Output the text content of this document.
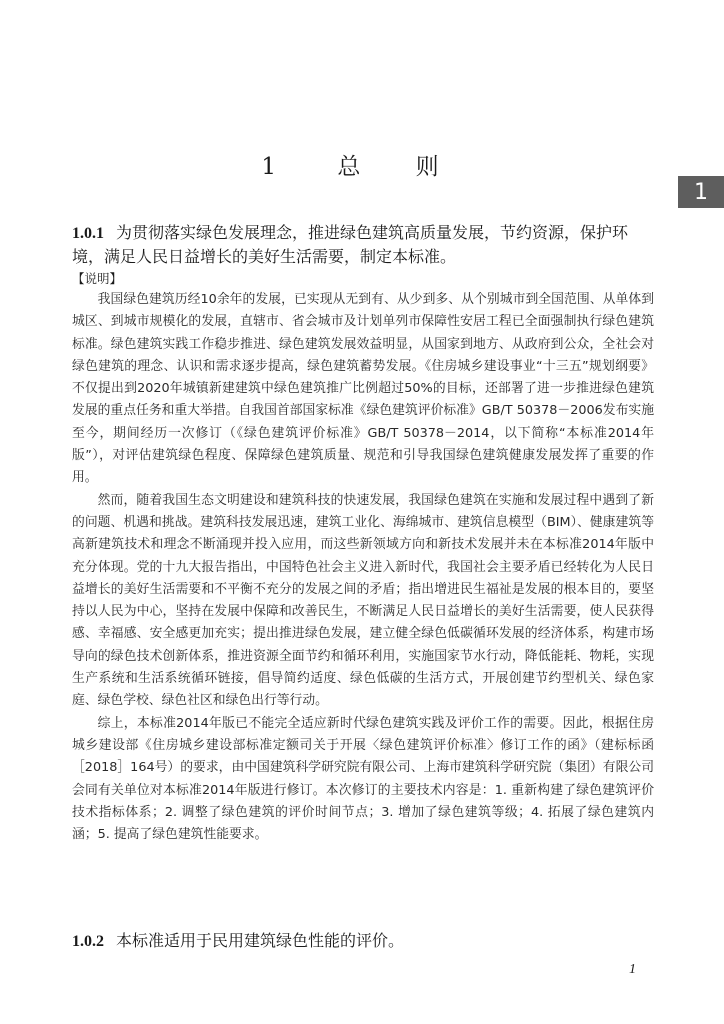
1	总 则
1
1.0.1 为贯彻落实绿色发展理念，推进绿色建筑高质量发展，节约资源，保护环境，满足人民日益增长的美好生活需要，制定本标准。
【说明】

我国绿色建筑历经10余年的发展，已实现从无到有、从少到多、从个别城市到全国范围、从单体到城区、到城市规模化的发展，直辖市、省会城市及计划单列市保障性安居工程已全面强制执行绿色建筑标准。绿色建筑实践工作稳步推进、绿色建筑发展效益明显，从国家到地方、从政府到公众，全社会对绿色建筑的理念、认识和需求逐步提高，绿色建筑蓄势发展。《住房城乡建设事业“十三五”规划纲要》不仅提出到2020年城镇新建建筑中绿色建筑推广比例超过50%的目标，还部署了进一步推进绿色建筑发展的重点任务和重大举措。自我国首部国家标准《绿色建筑评价标准》GB/T 50378－2006发布实施至今，期间经历一次修订（《绿色建筑评价标准》GB/T 50378－2014，以下简称“本标准2014年版”），对评估建筑绿色程度、保障绿色建筑质量、规范和引导我国绿色建筑健康发展发挥了重要的作用。

然而，随着我国生态文明建设和建筑科技的快速发展，我国绿色建筑在实施和发展过程中遇到了新的问题、机遇和挑战。建筑科技发展迅速，建筑工业化、海绵城市、建筑信息模型（BIM）、健康建筑等高新建筑技术和理念不断涌现并投入应用，而这些新领域方向和新技术发展并未在本标准2014年版中充分体现。党的十九大报告指出，中国特色社会主义进入新时代，我国社会主要矛盾已经转化为人民日益增长的美好生活需要和不平衡不充分的发展之间的矛盾；指出增进民生福祉是发展的根本目的，要坚持以人民为中心，坚持在发展中保障和改善民生，不断满足人民日益增长的美好生活需要，使人民获得感、幸福感、安全感更加充实；提出推进绿色发展，建立健全绿色低碳循环发展的经济体系，构建市场导向的绿色技术创新体系，推进资源全面节约和循环利用，实施国家节水行动，降低能耗、物耗，实现生产系统和生活系统循环链接，倡导简约适度、绿色低碳的生活方式，开展创建节约型机关、绿色家庭、绿色学校、绿色社区和绿色出行等行动。

综上，本标准2014年版已不能完全适应新时代绿色建筑实践及评价工作的需要。因此，根据住房城乡建设部《住房城乡建设部标准定额司关于开展〈绿色建筑评价标准〉修订工作的函》（建标标函［2018］164号）的要求，由中国建筑科学研究院有限公司、上海市建筑科学研究院（集团）有限公司会同有关单位对本标准2014年版进行修订。本次修订的主要技术内容是：1. 重新构建了绿色建筑评价技术指标体系；2. 调整了绿色建筑的评价时间节点；3. 增加了绿色建筑等级；4. 拓展了绿色建筑内涵；5. 提高了绿色建筑性能要求。

1.0.2 本标准适用于民用建筑绿色性能的评价。
1
